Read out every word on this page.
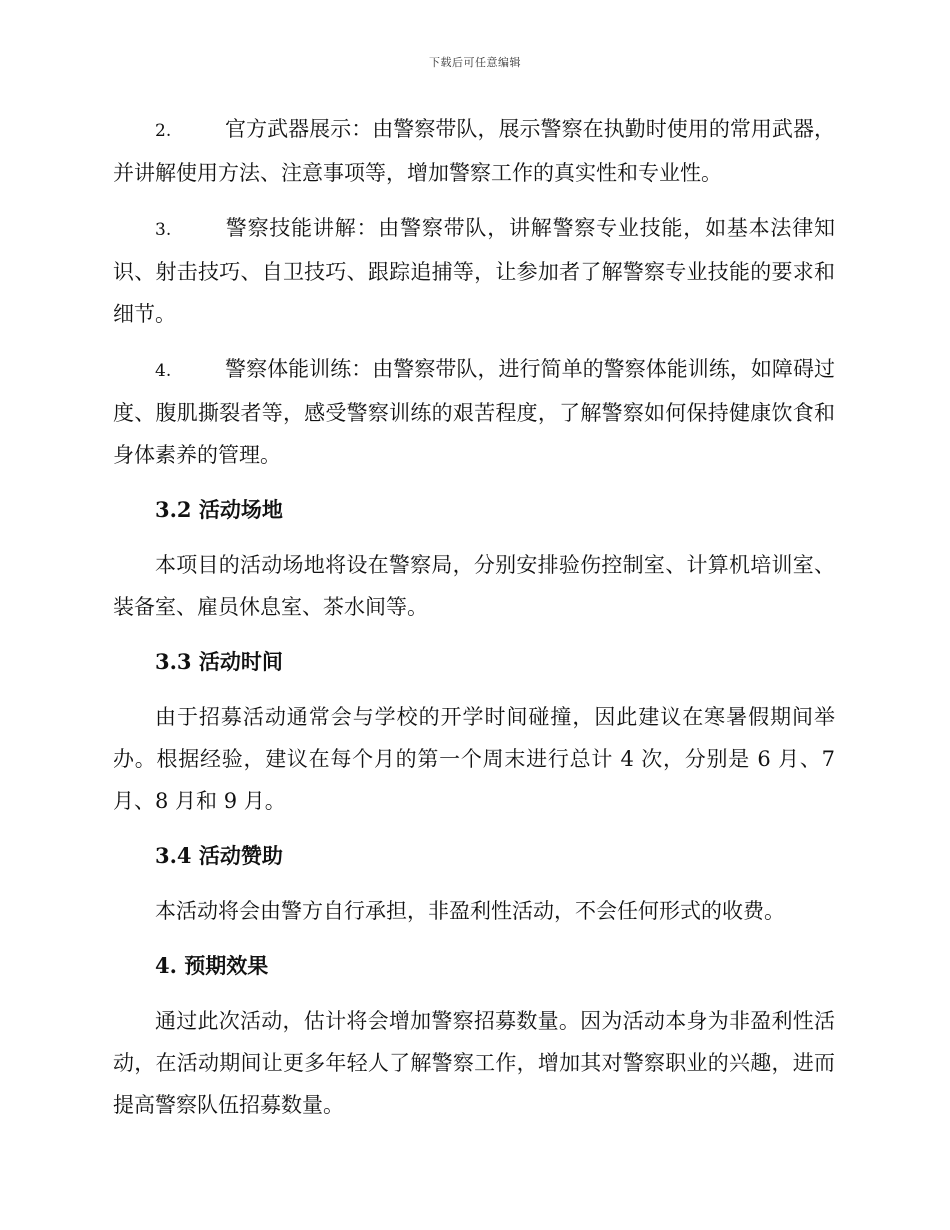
下载后可任意编辑

2.	官方武器展示：由警察带队，展示警察在执勤时使用的常用武器，并讲解使用方法、注意事项等，增加警察工作的真实性和专业性。

3.	警察技能讲解：由警察带队，讲解警察专业技能，如基本法律知识、射击技巧、自卫技巧、跟踪追捕等，让参加者了解警察专业技能的要求和细节。

4.	警察体能训练：由警察带队，进行简单的警察体能训练，如障碍过度、腹肌撕裂者等，感受警察训练的艰苦程度，了解警察如何保持健康饮食和身体素养的管理。

3.2 活动场地

本项目的活动场地将设在警察局，分别安排验伤控制室、计算机培训室、装备室、雇员休息室、茶水间等。

3.3 活动时间

由于招募活动通常会与学校的开学时间碰撞，因此建议在寒暑假期间举办。根据经验，建议在每个月的第一个周末进行总计 4 次，分别是 6 月、7 月、8 月和 9 月。

3.4 活动赞助

本活动将会由警方自行承担，非盈利性活动，不会任何形式的收费。

4. 预期效果

通过此次活动，估计将会增加警察招募数量。因为活动本身为非盈利性活动，在活动期间让更多年轻人了解警察工作，增加其对警察职业的兴趣，进而提高警察队伍招募数量。
